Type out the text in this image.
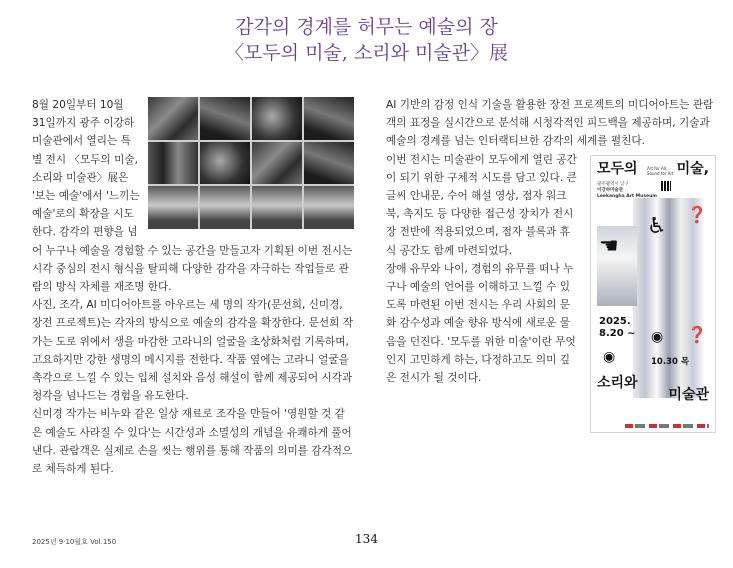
감각의 경계를 허무는 예술의 장
〈모두의 미술, 소리와 미술관〉展

8월 20일부터 10월 31일까지 광주 이강하미술관에서 열리는 특별 전시 〈모두의 미술, 소리와 미술관〉展은 '보는 예술'에서 '느끼는 예술'로의 확장을 시도한다. 감각의 편향을 넘어 누구나 예술을 경험할 수 있는 공간을 만들고자 기획된 이번 전시는 시각 중심의 전시 형식을 탈피해 다양한 감각을 자극하는 작업들로 관람의 방식 자체를 재조명 한다.

사진, 조각, AI 미디어아트를 아우르는 세 명의 작가(문선희, 신미경, 장전 프로젝트)는 각자의 방식으로 예술의 감각을 확장한다. 문선희 작가는 도로 위에서 생을 마감한 고라니의 얼굴을 초상화처럼 기록하며, 고요하지만 강한 생명의 메시지를 전한다. 작품 옆에는 고라니 얼굴을 촉각으로 느낄 수 있는 입체 설치와 음성 해설이 함께 제공되어 시각과 청각을 넘나드는 경험을 유도한다.

신미경 작가는 비누와 같은 일상 재료로 조각을 만들어 '영원할 것 같은 예술도 사라질 수 있다'는 시간성과 소멸성의 개념을 유쾌하게 풀어낸다. 관람객은 실제로 손을 씻는 행위를 통해 작품의 의미를 감각적으로 체득하게 된다.

AI 기반의 감정 인식 기술을 활용한 장전 프로젝트의 미디어아트는 관람객의 표정을 실시간으로 분석해 시청각적인 피드백을 제공하며, 기술과 예술의 경계를 넘는 인터랙티브한 감각의 세계를 펼친다.

모두의	미술,
Art for All,
Sound for Art
광주광역시 남구
이강하미술관
Leekangha Art Museum
☚
♿ ❓
❓
◉
◉
2025.
8.20 ~
10.30 목
소리와
미술관

이번 전시는 미술관이 모두에게 열린 공간이 되기 위한 구체적 시도를 담고 있다. 큰 글씨 안내문, 수어 해설 영상, 점자 워크북, 촉지도 등 다양한 접근성 장치가 전시장 전반에 적용되었으며, 점자 블록과 휴식 공간도 함께 마련되었다.

장애 유무와 나이, 경험의 유무를 떠나 누구나 예술의 언어를 이해하고 느낄 수 있도록 마련된 이번 전시는 우리 사회의 문화 감수성과 예술 향유 방식에 새로운 물음을 던진다. '모두를 위한 미술'이란 무엇인지 고민하게 하는, 다정하고도 의미 깊은 전시가 될 것이다.

2025년 9·10월호 Vol.150	134
